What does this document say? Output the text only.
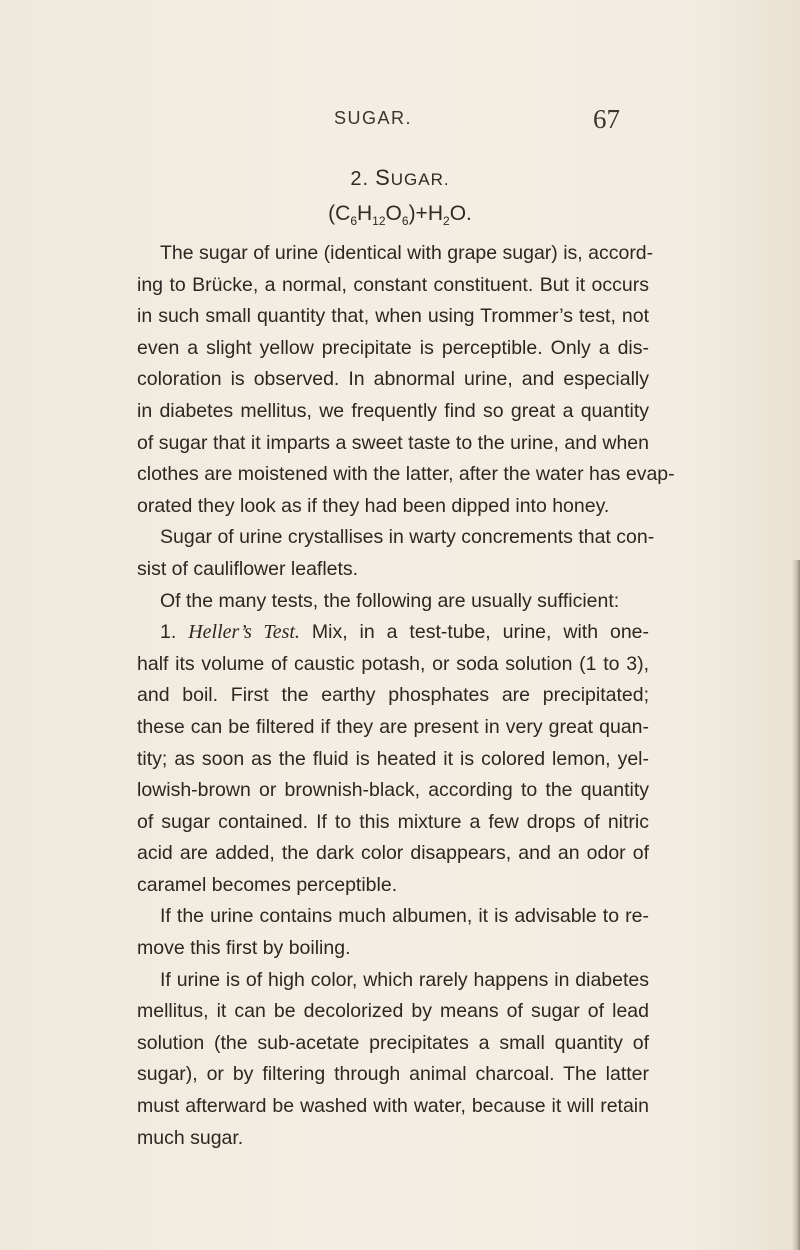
SUGAR.	67
2. SUGAR.
$(C_6H_{12}O_6)+H_2O$.
The sugar of urine (identical with grape sugar) is, accord-
ing to Brücke, a normal, constant constituent. But it occurs
in such small quantity that, when using Trommer’s test, not
even a slight yellow precipitate is perceptible. Only a dis-
coloration is observed. In abnormal urine, and especially
in diabetes mellitus, we frequently find so great a quantity
of sugar that it imparts a sweet taste to the urine, and when
clothes are moistened with the latter, after the water has evap-
orated they look as if they had been dipped into honey.
Sugar of urine crystallises in warty concrements that con-
sist of cauliflower leaflets.
Of the many tests, the following are usually sufficient:
1. Heller’s Test. Mix, in a test-tube, urine, with one-
half its volume of caustic potash, or soda solution (1 to 3),
and boil. First the earthy phosphates are precipitated;
these can be filtered if they are present in very great quan-
tity; as soon as the fluid is heated it is colored lemon, yel-
lowish-brown or brownish-black, according to the quantity
of sugar contained. If to this mixture a few drops of nitric
acid are added, the dark color disappears, and an odor of
caramel becomes perceptible.
If the urine contains much albumen, it is advisable to re-
move this first by boiling.
If urine is of high color, which rarely happens in diabetes
mellitus, it can be decolorized by means of sugar of lead
solution (the sub-acetate precipitates a small quantity of
sugar), or by filtering through animal charcoal. The latter
must afterward be washed with water, because it will retain
much sugar.
